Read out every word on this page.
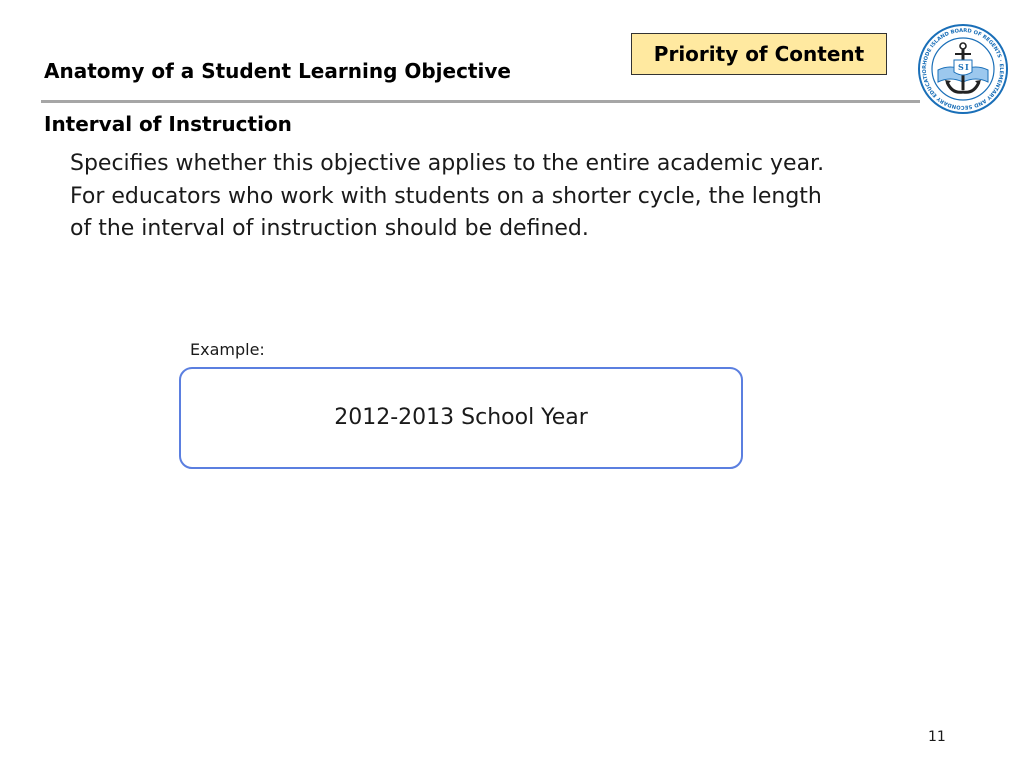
Anatomy of a Student Learning Objective
Priority of Content
RHODE ISLAND BOARD OF REGENTS · ELEMENTARY AND SECONDARY EDUCATIO	S I
Interval of Instruction
Specifies whether this objective applies to the entire academic year.
For educators who work with students on a shorter cycle, the length
of the interval of instruction should be defined.
Example:
2012-2013 School Year
11
